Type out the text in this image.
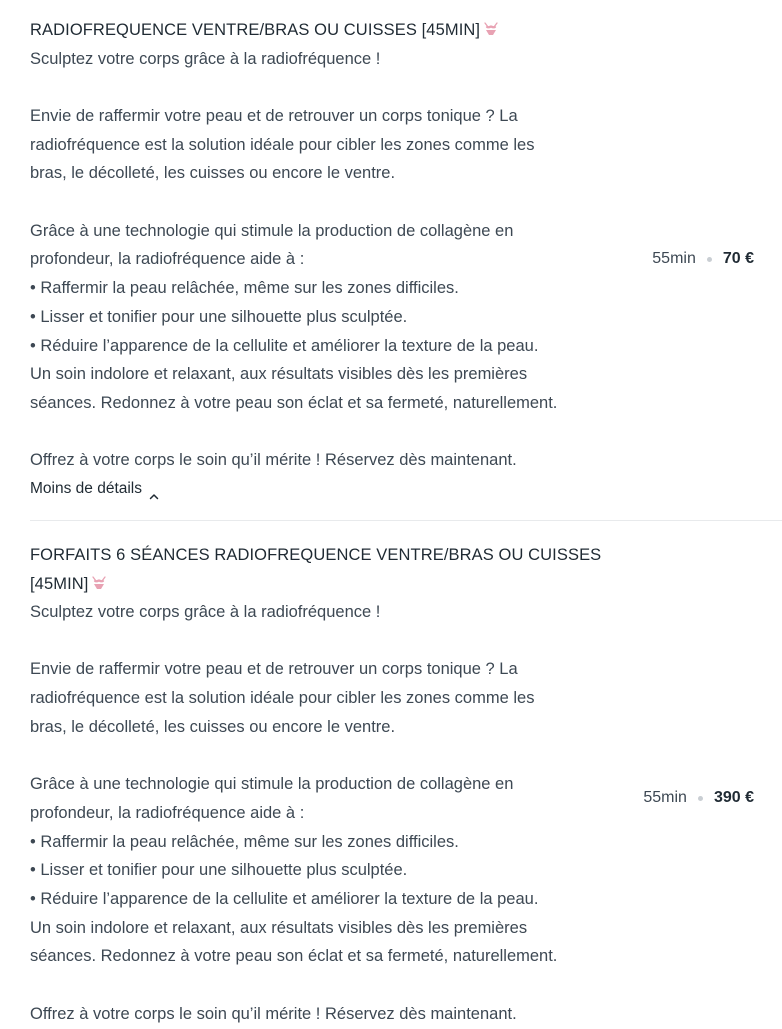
RADIOFREQUENCE VENTRE/BRAS OU CUISSES [45MIN]
Sculptez votre corps grâce à la radiofréquence !
Envie de raffermir votre peau et de retrouver un corps tonique ? La
radiofréquence est la solution idéale pour cibler les zones comme les
bras, le décolleté, les cuisses ou encore le ventre.
Grâce à une technologie qui stimule la production de collagène en
profondeur, la radiofréquence aide à :
• Raffermir la peau relâchée, même sur les zones difficiles.
• Lisser et tonifier pour une silhouette plus sculptée.
• Réduire l’apparence de la cellulite et améliorer la texture de la peau.
Un soin indolore et relaxant, aux résultats visibles dès les premières
séances. Redonnez à votre peau son éclat et sa fermeté, naturellement.
Offrez à votre corps le soin qu’il mérite ! Réservez dès maintenant.
Moins de détails
FORFAITS 6 SÉANCES RADIOFREQUENCE VENTRE/BRAS OU CUISSES [45MIN]
Sculptez votre corps grâce à la radiofréquence !
Envie de raffermir votre peau et de retrouver un corps tonique ? La
radiofréquence est la solution idéale pour cibler les zones comme les
bras, le décolleté, les cuisses ou encore le ventre.
Grâce à une technologie qui stimule la production de collagène en
profondeur, la radiofréquence aide à :
• Raffermir la peau relâchée, même sur les zones difficiles.
• Lisser et tonifier pour une silhouette plus sculptée.
• Réduire l’apparence de la cellulite et améliorer la texture de la peau.
Un soin indolore et relaxant, aux résultats visibles dès les premières
séances. Redonnez à votre peau son éclat et sa fermeté, naturellement.
Offrez à votre corps le soin qu’il mérite ! Réservez dès maintenant.
55min 70 €
55min 390 €
